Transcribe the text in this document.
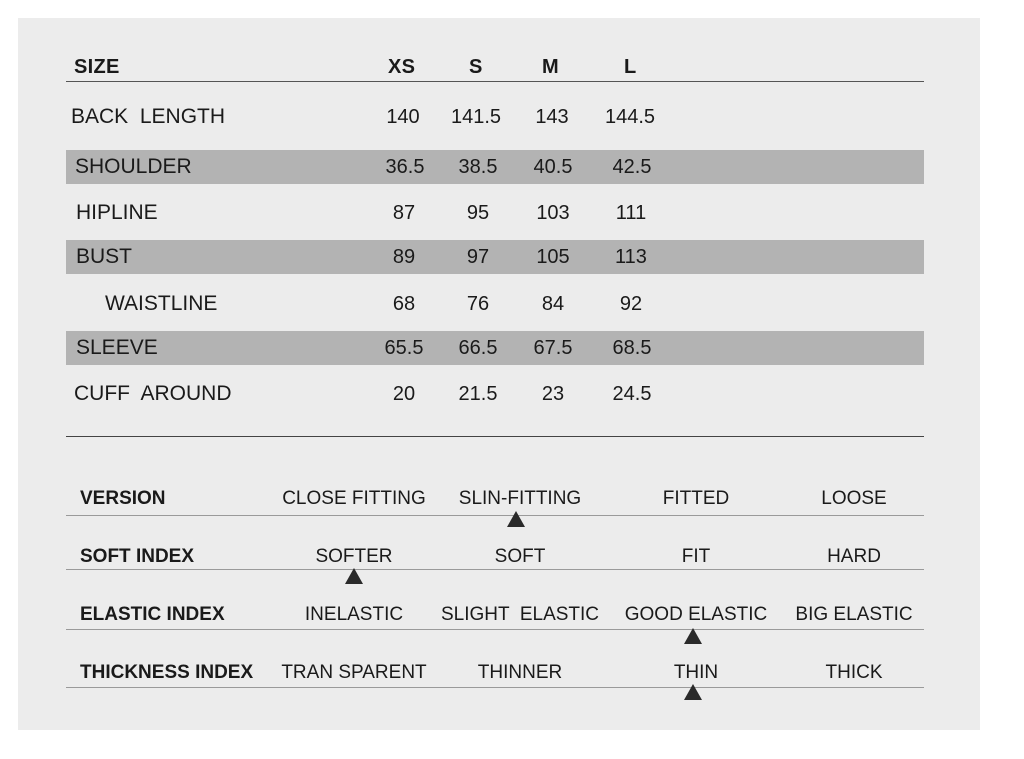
SIZE	XS	S	M	L
BACK  LENGTH	140	141.5	143	144.5
SHOULDER	36.5	38.5	40.5	42.5
HIPLINE	87	95	103	111
BUST	89	97	105	113
WAISTLINE	68	76	84	92
SLEEVE	65.5	66.5	67.5	68.5
CUFF  AROUND	20	21.5	23	24.5
VERSION	CLOSE FITTING	SLIN-FITTING	FITTED	LOOSE
SOFT INDEX	SOFTER	SOFT	FIT	HARD
ELASTIC INDEX	INELASTIC	SLIGHT  ELASTIC	GOOD ELASTIC	BIG ELASTIC
THICKNESS INDEX	TRAN SPARENT	THINNER	THIN	THICK
